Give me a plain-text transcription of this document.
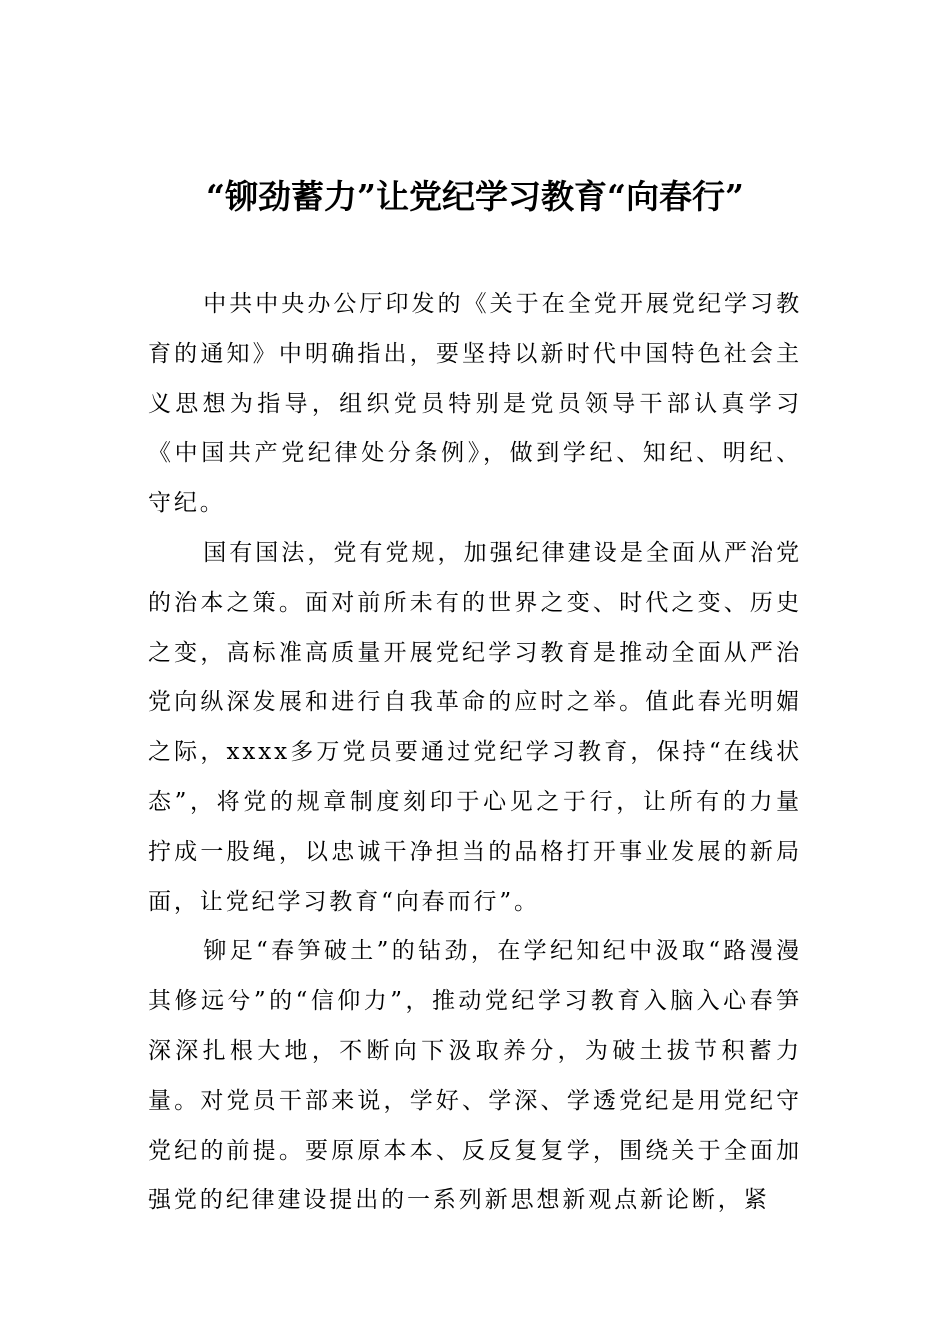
“铆劲蓄力”让党纪学习教育“向春行”

中共中央办公厅印发的《关于在全党开展党纪学习教育的通知》中明确指出，要坚持以新时代中国特色社会主义思想为指导，组织党员特别是党员领导干部认真学习《中国共产党纪律处分条例》，做到学纪、知纪、明纪、守纪。

国有国法，党有党规，加强纪律建设是全面从严治党的治本之策。面对前所未有的世界之变、时代之变、历史之变，高标准高质量开展党纪学习教育是推动全面从严治党向纵深发展和进行自我革命的应时之举。值此春光明媚之际，xxxx多万党员要通过党纪学习教育，保持“在线状态”，将党的规章制度刻印于心见之于行，让所有的力量拧成一股绳，以忠诚干净担当的品格打开事业发展的新局面，让党纪学习教育“向春而行”。

铆足“春笋破土”的钻劲，在学纪知纪中汲取“路漫漫其修远兮”的“信仰力”，推动党纪学习教育入脑入心春笋深深扎根大地，不断向下汲取养分，为破土拔节积蓄力量。对党员干部来说，学好、学深、学透党纪是用党纪守党纪的前提。要原原本本、反反复复学，围绕关于全面加强党的纪律建设提出的一系列新思想新观点新论断，紧
